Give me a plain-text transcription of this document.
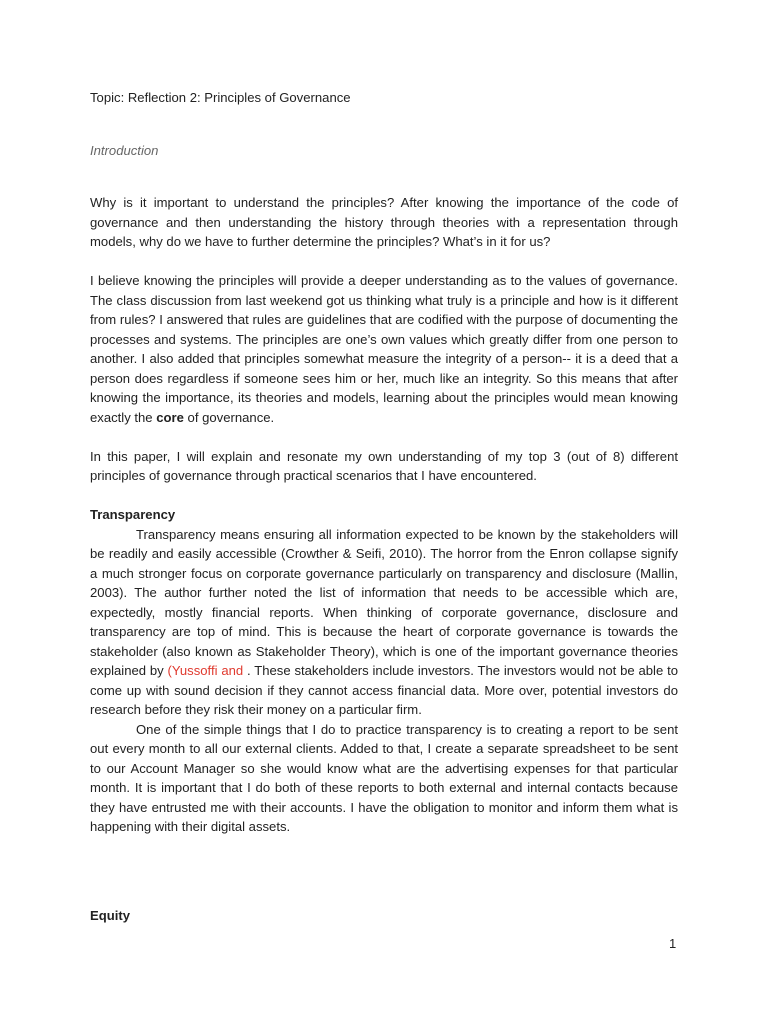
Topic: Reflection 2: Principles of Governance

Introduction

Why is it important to understand the principles? After knowing the importance of the code of governance and then understanding the history through theories with a representation through models, why do we have to further determine the principles? What’s in it for us?

I believe knowing the principles will provide a deeper understanding as to the values of governance. The class discussion from last weekend got us thinking what truly is a principle and how is it different from rules? I answered that rules are guidelines that are codified with the purpose of documenting the processes and systems. The principles are one’s own values which greatly differ from one person to another. I also added that principles somewhat measure the integrity of a person-- it is a deed that a person does regardless if someone sees him or her, much like an integrity. So this means that after knowing the importance, its theories and models, learning about the principles would mean knowing exactly the core of governance.

In this paper, I will explain and resonate my own understanding of my top 3 (out of 8) different principles of governance through practical scenarios that I have encountered.

Transparency

Transparency means ensuring all information expected to be known by the stakeholders will be readily and easily accessible (Crowther & Seifi, 2010). The horror from the Enron collapse signify a much stronger focus on corporate governance particularly on transparency and disclosure (Mallin, 2003). The author further noted the list of information that needs to be accessible which are, expectedly, mostly financial reports. When thinking of corporate governance, disclosure and transparency are top of mind. This is because the heart of corporate governance is towards the stakeholder (also known as Stakeholder Theory), which is one of the important governance theories explained by (Yussoffi and . These stakeholders include investors. The investors would not be able to come up with sound decision if they cannot access financial data. More over, potential investors do research before they risk their money on a particular firm.

One of the simple things that I do to practice transparency is to creating a report to be sent out every month to all our external clients. Added to that, I create a separate spreadsheet to be sent to our Account Manager so she would know what are the advertising expenses for that particular month. It is important that I do both of these reports to both external and internal contacts because they have entrusted me with their accounts. I have the obligation to monitor and inform them what is happening with their digital assets.

Equity

1
